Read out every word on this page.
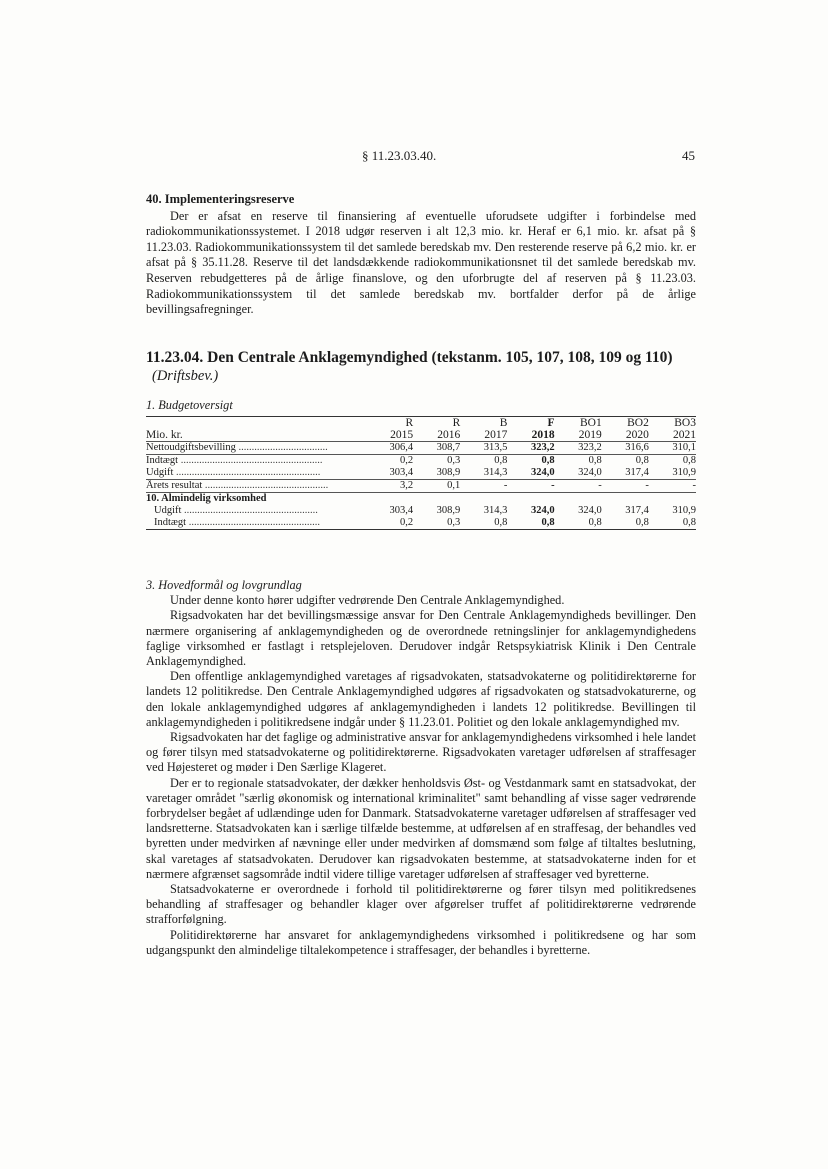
§ 11.23.03.40.	45
40. Implementeringsreserve

Der er afsat en reserve til finansiering af eventuelle uforudsete udgifter i forbindelse med radiokommunikationssystemet. I 2018 udgør reserven i alt 12,3 mio. kr. Heraf er 6,1 mio. kr. afsat på § 11.23.03. Radiokommunikationssystem til det samlede beredskab mv. Den resterende reserve på 6,2 mio. kr. er afsat på § 35.11.28. Reserve til det landsdækkende radiokommunikationsnet til det samlede beredskab mv. Reserven rebudgetteres på de årlige finanslove, og den uforbrugte del af reserven på § 11.23.03. Radiokommunikationssystem til det samlede beredskab mv. bortfalder derfor på de årlige bevillingsafregninger.

11.23.04. Den Centrale Anklagemyndighed (tekstanm. 105, 107, 108, 109 og 110)
(Driftsbev.)
1. Budgetoversigt
	R	R	B	F	BO1	BO2	BO3
Mio. kr.	2015	2016	2017	2018	2019	2020	2021
Nettoudgiftsbevilling ..................................	306,4	308,7	313,5	323,2	323,2	316,6	310,1
Indtægt ......................................................	0,2	0,3	0,8	0,8	0,8	0,8	0,8
Udgift .......................................................	303,4	308,9	314,3	324,0	324,0	317,4	310,9
Årets resultat ...............................................	3,2	0,1	-	-	-	-	-
10. Almindelig virksomhed							
Udgift ...................................................	303,4	308,9	314,3	324,0	324,0	317,4	310,9
Indtægt ..................................................	0,2	0,3	0,8	0,8	0,8	0,8	0,8

3. Hovedformål og lovgrundlag

Under denne konto hører udgifter vedrørende Den Centrale Anklagemyndighed.

Rigsadvokaten har det bevillingsmæssige ansvar for Den Centrale Anklagemyndigheds bevillinger. Den nærmere organisering af anklagemyndigheden og de overordnede retningslinjer for anklagemyndighedens faglige virksomhed er fastlagt i retsplejeloven. Derudover indgår Retspsykiatrisk Klinik i Den Centrale Anklagemyndighed.

Den offentlige anklagemyndighed varetages af rigsadvokaten, statsadvokaterne og politidirektørerne for landets 12 politikredse. Den Centrale Anklagemyndighed udgøres af rigsadvokaten og statsadvokaturerne, og den lokale anklagemyndighed udgøres af anklagemyndigheden i landets 12 politikredse. Bevillingen til anklagemyndigheden i politikredsene indgår under § 11.23.01. Politiet og den lokale anklagemyndighed mv.

Rigsadvokaten har det faglige og administrative ansvar for anklagemyndighedens virksomhed i hele landet og fører tilsyn med statsadvokaterne og politidirektørerne. Rigsadvokaten varetager udførelsen af straffesager ved Højesteret og møder i Den Særlige Klageret.

Der er to regionale statsadvokater, der dækker henholdsvis Øst- og Vestdanmark samt en statsadvokat, der varetager området "særlig økonomisk og international kriminalitet" samt behandling af visse sager vedrørende forbrydelser begået af udlændinge uden for Danmark. Statsadvokaterne varetager udførelsen af straffesager ved landsretterne. Statsadvokaten kan i særlige tilfælde bestemme, at udførelsen af en straffesag, der behandles ved byretten under medvirken af nævninge eller under medvirken af domsmænd som følge af tiltaltes beslutning, skal varetages af statsadvokaten. Derudover kan rigsadvokaten bestemme, at statsadvokaterne inden for et nærmere afgrænset sagsområde indtil videre tillige varetager udførelsen af straffesager ved byretterne.

Statsadvokaterne er overordnede i forhold til politidirektørerne og fører tilsyn med politikredsenes behandling af straffesager og behandler klager over afgørelser truffet af politidirektørerne vedrørende strafforfølgning.

Politidirektørerne har ansvaret for anklagemyndighedens virksomhed i politikredsene og har som udgangspunkt den almindelige tiltalekompetence i straffesager, der behandles i byretterne.
